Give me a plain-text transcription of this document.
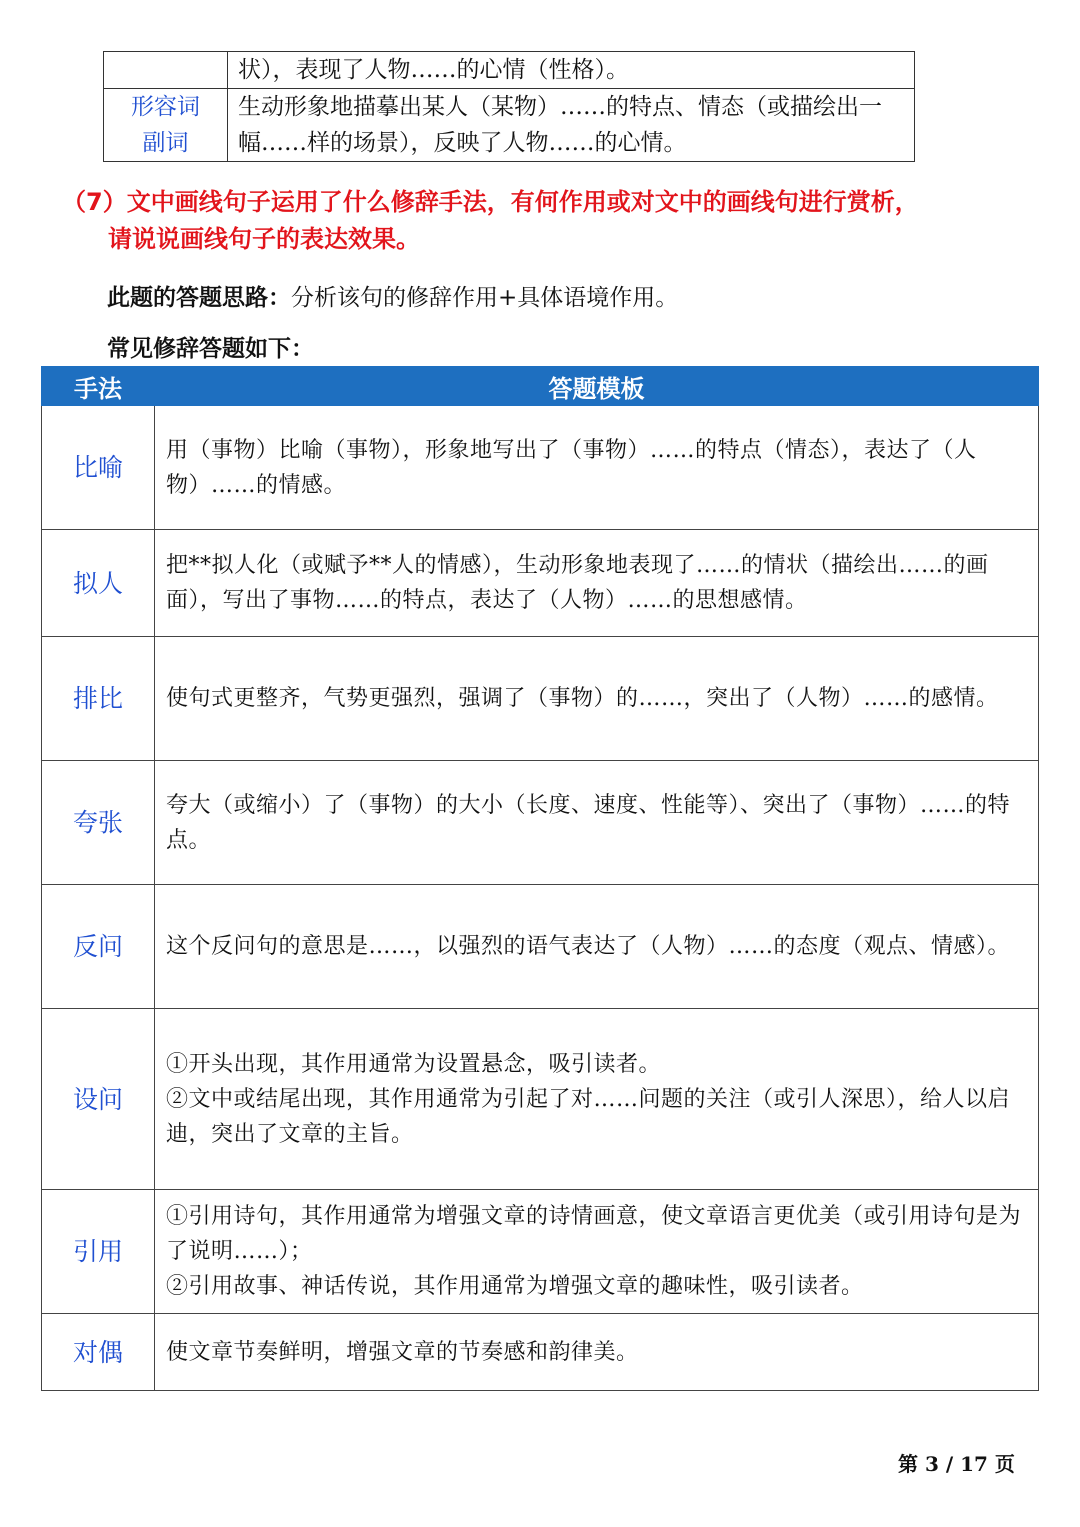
	状），表现了人物……的心情（性格）。

形容词
副词	生动形象地描摹出某人（某物）……的特点、情态（或描绘出一幅……样的场景），反映了人物……的心情。
（7）文中画线句子运用了什么修辞手法，有何作用或对文中的画线句进行赏析，
请说说画线句子的表达效果。
此题的答题思路：分析该句的修辞作用+具体语境作用。
常见修辞答题如下：
手法	答题模板
比喻	用（事物）比喻（事物），形象地写出了（事物）……的特点（情态），表达了（人物）……的情感。
拟人	把**拟人化（或赋予**人的情感），生动形象地表现了……的情状（描绘出……的画面），写出了事物……的特点，表达了（人物）……的思想感情。
排比	使句式更整齐，气势更强烈，强调了（事物）的……，突出了（人物）……的感情。
夸张	夸大（或缩小）了（事物）的大小（长度、速度、性能等）、突出了（事物）……的特点。
反问	这个反问句的意思是……，以强烈的语气表达了（人物）……的态度（观点、情感）。
设问	①开头出现，其作用通常为设置悬念，吸引读者。
②文中或结尾出现，其作用通常为引起了对……问题的关注（或引人深思），给人以启迪，突出了文章的主旨。

引用	①引用诗句，其作用通常为增强文章的诗情画意，使文章语言更优美（或引用诗句是为了说明……）；
②引用故事、神话传说，其作用通常为增强文章的趣味性，吸引读者。

对偶	使文章节奏鲜明，增强文章的节奏感和韵律美。
第 3 / 17 页
